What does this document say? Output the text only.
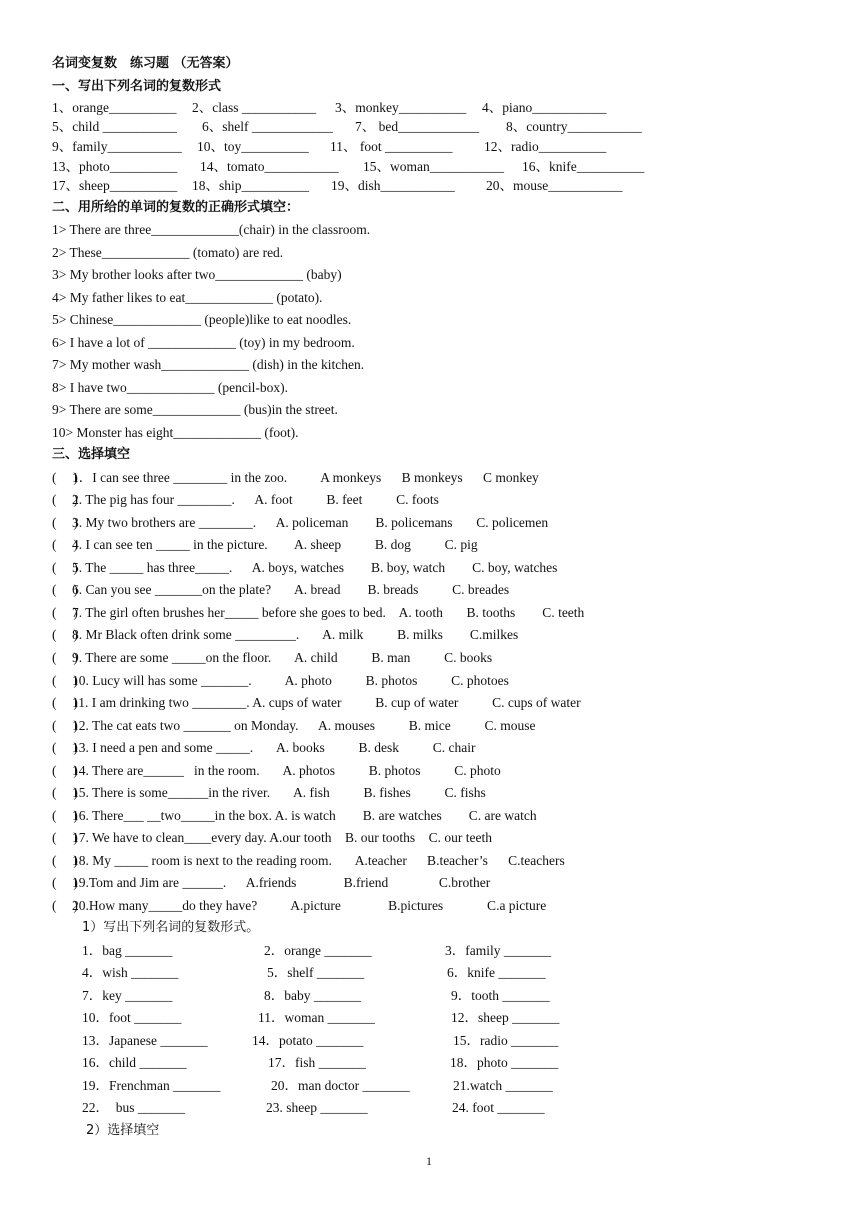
名词变复数　练习题 （无答案）
一、写出下列名词的复数形式
1、orange__________ 2、class ___________ 3、monkey__________ 4、piano___________
5、child ___________ 6、shelf ____________ 7、 bed____________ 8、country___________
9、family___________ 10、toy__________ 11、 foot __________ 12、radio__________
13、photo__________ 14、tomato___________ 15、woman___________ 16、knife__________
17、sheep__________ 18、ship__________ 19、dish___________ 20、mouse___________
二、用所给的单词的复数的正确形式填空：
1> There are three_____________(chair) in the classroom.
2> These_____________ (tomato) are red.
3> My brother looks after two_____________ (baby)
4> My father likes to eat_____________ (potato).
5> Chinese_____________ (people)like to eat noodles.
6> I have a lot of _____________ (toy) in my bedroom.
7> My mother wash_____________ (dish) in the kitchen.
8> I have two_____________ (pencil-box).
9> There are some_____________ (bus)in the street.
10> Monster has eight_____________ (foot).
三、选择填空
(     )
1．I can see three ________ in the zoo.          A monkeys      B monkeys      C monkey
(     )
2. The pig has four ________.      A. foot          B. feet          C. foots
(     )
3. My two brothers are ________.      A. policeman        B. policemans       C. policemen
(     )
4. I can see ten _____ in the picture.        A. sheep          B. dog          C. pig
(     )
5. The _____ has three_____.      A. boys, watches        B. boy, watch        C. boy, watches
(     )
6. Can you see _______on the plate?       A. bread        B. breads          C. breades
(     )
7. The girl often brushes her_____ before she goes to bed.    A. tooth       B. tooths        C. teeth
(     )
8. Mr Black often drink some _________.       A. milk          B. milks        C.milkes
(     )
9. There are some _____on the floor.       A. child          B. man          C. books
(     )
10. Lucy will has some _______.          A. photo          B. photos          C. photoes
(     )
11. I am drinking two ________. A. cups of water          B. cup of water          C. cups of water
(     )
12. The cat eats two _______ on Monday.      A. mouses          B. mice          C. mouse
(     )
13. I need a pen and some _____.       A. books          B. desk          C. chair
(     )
14. There are______   in the room.       A. photos          B. photos          C. photo
(     )
15. There is some______in the river.       A. fish          B. fishes          C. fishs
(     )
16. There___ __two_____in the box. A. is watch        B. are watches        C. are watch
(     )
17. We have to clean____every day. A.our tooth    B. our tooths    C. our teeth
(     )
18. My _____ room is next to the reading room.       A.teacher      B.teacher’s      C.teachers
(     )
19.Tom and Jim are ______.      A.friends              B.friend               C.brother
(     )
20.How many_____do they have?          A.picture              B.pictures             C.a picture
1）写出下列名词的复数形式。
1．bag _______	2．orange _______	3．family _______
4．wish _______	5．shelf _______	6．knife _______
7．key _______	8．baby _______	9．tooth _______
10．foot _______	11．woman _______	12．sheep _______
13．Japanese _______	14．potato _______	15．radio _______
16．child _______	17．fish _______	18．photo _______
19．Frenchman _______	20．man doctor _______	21.watch _______
22．  bus _______	23. sheep _______	24. foot _______
2）选择填空
1
